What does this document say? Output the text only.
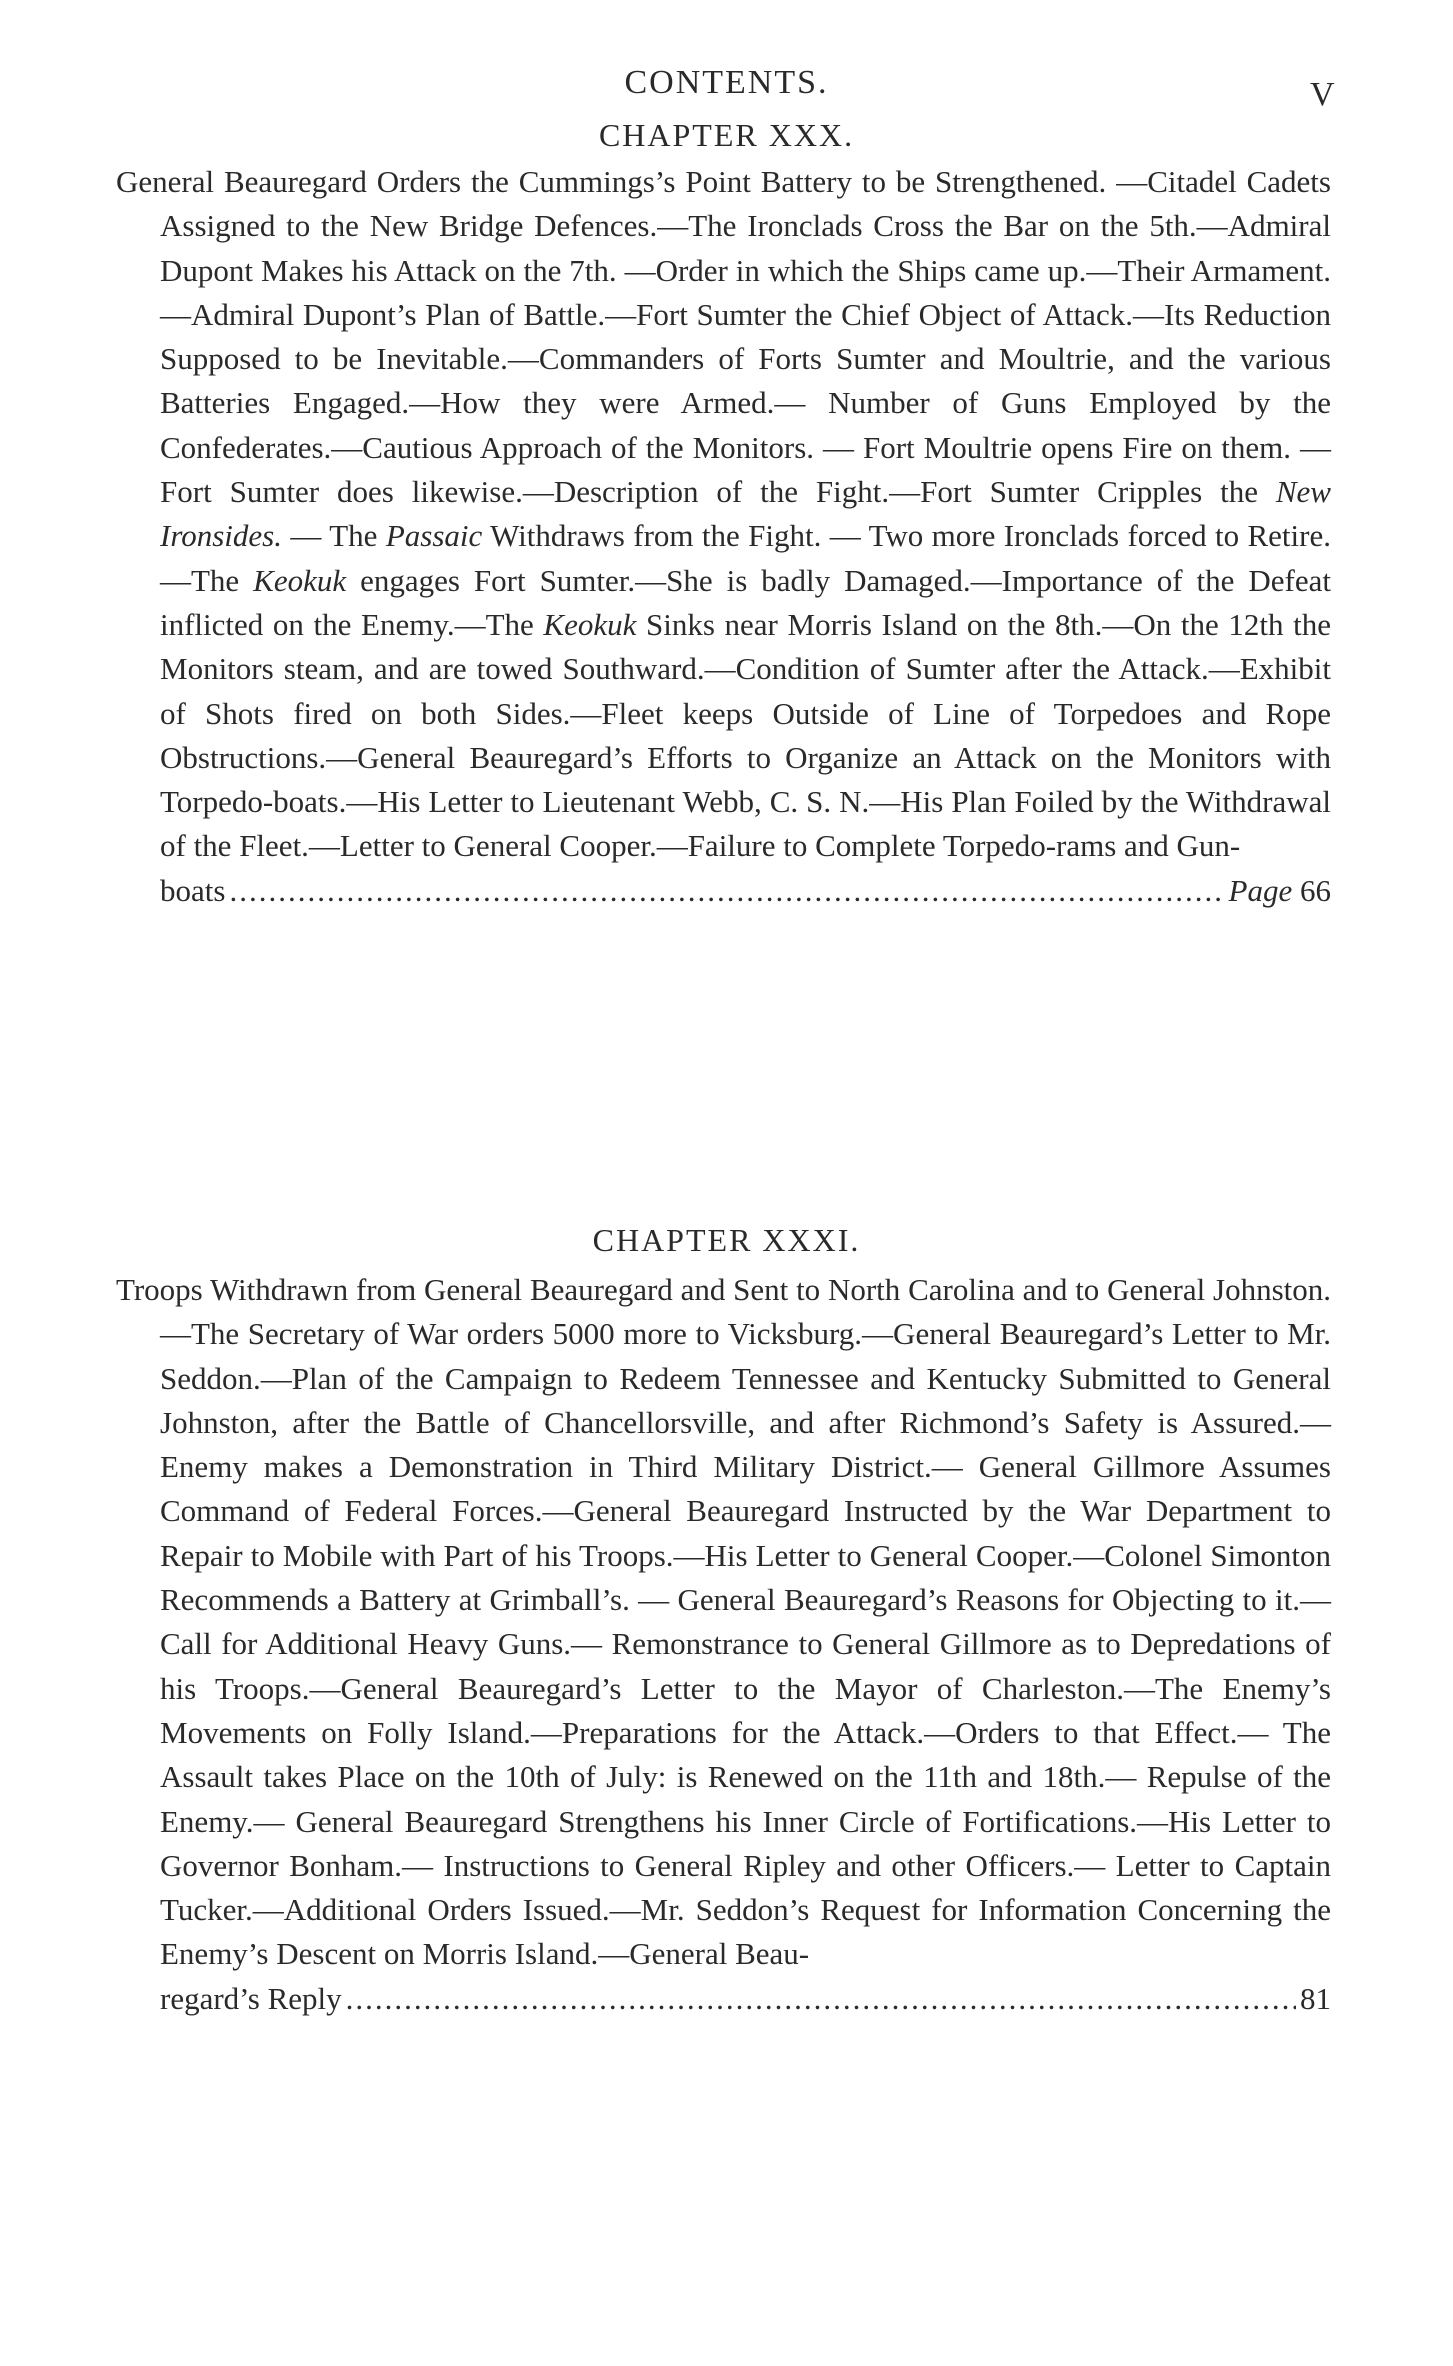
CONTENTS.	V
CHAPTER XXX.
General Beauregard Orders the Cummings’s Point Battery to be Strengthened. —Citadel Cadets Assigned to the New Bridge Defences.—The Ironclads Cross the Bar on the 5th.—Admiral Dupont Makes his Attack on the 7th. —Order in which the Ships came up.—Their Armament.—Admiral Dupont’s Plan of Battle.—Fort Sumter the Chief Object of Attack.—Its Reduction Supposed to be Inevitable.—Commanders of Forts Sumter and Moultrie, and the various Batteries Engaged.—How they were Armed.— Number of Guns Employed by the Confederates.—Cautious Approach of the Monitors. — Fort Moultrie opens Fire on them. — Fort Sumter does likewise.—Description of the Fight.—Fort Sumter Cripples the New Ironsides. — The Passaic Withdraws from the Fight. — Two more Ironclads forced to Retire.—The Keokuk engages Fort Sumter.—She is badly Damaged.—Importance of the Defeat inflicted on the Enemy.—The Keokuk Sinks near Morris Island on the 8th.—On the 12th the Monitors steam, and are towed Southward.—Condition of Sumter after the Attack.—Exhibit of Shots fired on both Sides.—Fleet keeps Outside of Line of Torpedoes and Rope Obstructions.—General Beauregard’s Efforts to Organize an Attack on the Monitors with Torpedo-boats.—His Letter to Lieutenant Webb, C. S. N.—His Plan Foiled by the Withdrawal of the Fleet.—Letter to General Cooper.—Failure to Complete Torpedo-rams and Gun-
boats .....	Page 66
CHAPTER XXXI.
Troops Withdrawn from General Beauregard and Sent to North Carolina and to General Johnston.—The Secretary of War orders 5000 more to Vicksburg.—General Beauregard’s Letter to Mr. Seddon.—Plan of the Campaign to Redeem Tennessee and Kentucky Submitted to General Johnston, after the Battle of Chancellorsville, and after Richmond’s Safety is Assured.—Enemy makes a Demonstration in Third Military District.— General Gillmore Assumes Command of Federal Forces.—General Beauregard Instructed by the War Department to Repair to Mobile with Part of his Troops.—His Letter to General Cooper.—Colonel Simonton Recommends a Battery at Grimball’s. — General Beauregard’s Reasons for Objecting to it.— Call for Additional Heavy Guns.— Remonstrance to General Gillmore as to Depredations of his Troops.—General Beauregard’s Letter to the Mayor of Charleston.—The Enemy’s Movements on Folly Island.—Preparations for the Attack.—Orders to that Effect.— The Assault takes Place on the 10th of July: is Renewed on the 11th and 18th.— Repulse of the Enemy.— General Beauregard Strengthens his Inner Circle of Fortifications.—His Letter to Governor Bonham.— Instructions to General Ripley and other Officers.— Letter to Captain Tucker.—Additional Orders Issued.—Mr. Seddon’s Request for Information Concerning the Enemy’s Descent on Morris Island.—General Beau-
regard’s Reply .....	81
